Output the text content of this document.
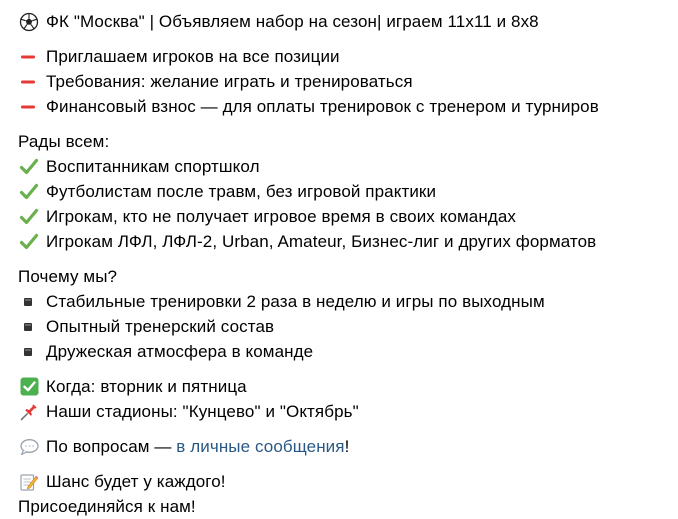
ФК "Москва" | Объявляем набор на сезон| играем 11х11 и 8х8
Приглашаем игроков на все позиции
Требования: желание играть и тренироваться
Финансовый взнос — для оплаты тренировок с тренером и турниров
Рады всем:
Воспитанникам спортшкол
Футболистам после травм, без игровой практики
Игрокам, кто не получает игровое время в своих командах
Игрокам ЛФЛ, ЛФЛ-2, Urban, Amateur, Бизнес-лиг и других форматов
Почему мы?
Стабильные тренировки 2 раза в неделю и игры по выходным
Опытный тренерский состав
Дружеская атмосфера в команде
Когда: вторник и пятница
Наши стадионы: "Кунцево" и "Октябрь"
По вопросам — в личные сообщения !
Шанс будет у каждого!
Присоединяйся к нам!
